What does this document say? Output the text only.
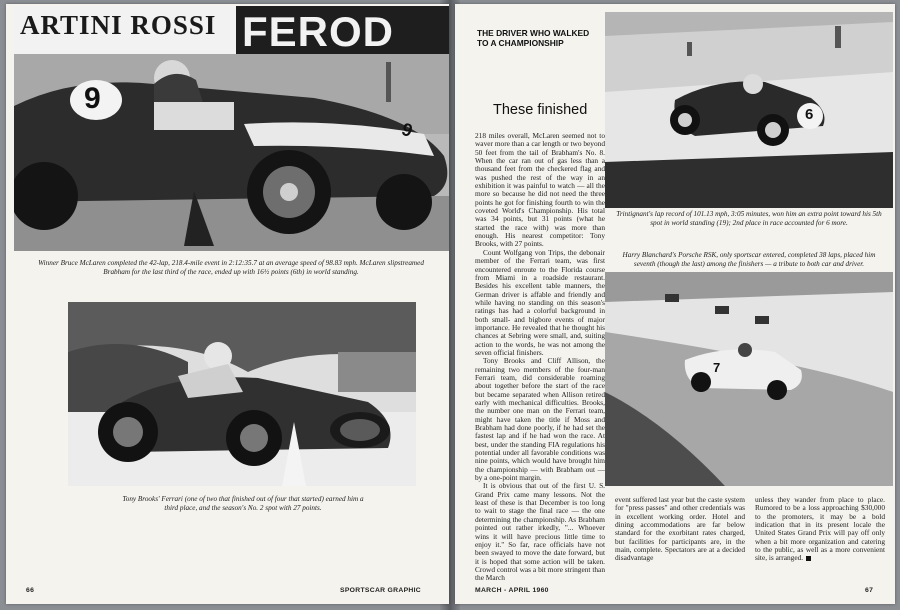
ARTINI ROSSI FEROD
9
9
Winner Bruce McLaren completed the 42-lap, 218.4-mile event in 2:12:35.7 at an average speed of 98.83 mph. McLaren slipstreamed Brabham for the last third of the race, ended up with 16½ points (6th) in world standing.
Tony Brooks' Ferrari (one of two that finished out of four that started) earned him a third place, and the season's No. 2 spot with 27 points.
66	SPORTSCAR GRAPHIC
THE DRIVER WHO WALKED TO A CHAMPIONSHIP
These finished

218 miles overall, McLaren seemed not to waver more than a car length or two beyond 50 feet from the tail of Brabham's No. 8. When the car ran out of gas less than a thousand feet from the checkered flag and was pushed the rest of the way in an exhibition it was painful to watch — all the more so because he did not need the three points he got for finishing fourth to win the coveted World's Championship. His total was 34 points, but 31 points (what he started the race with) was more than enough. His nearest competitor: Tony Brooks, with 27 points.

Count Wolfgang von Trips, the debonair member of the Ferrari team, was first encountered enroute to the Florida course from Miami in a roadside restaurant. Besides his excellent table manners, the German driver is affable and friendly and while having no standing on this season's ratings has had a colorful background in both small- and bigbore events of major importance. He revealed that he thought his chances at Sebring were small, and, suiting action to the words, he was not among the seven official finishers.

Tony Brooks and Cliff Allison, the remaining two members of the four-man Ferrari team, did considerable roaming about together before the start of the race but became separated when Allison retired early with mechanical difficulties. Brooks, the number one man on the Ferrari team, might have taken the title if Moss and Brabham had done poorly, if he had set the fastest lap and if he had won the race. At best, under the standing FIA regulations his potential under all favorable conditions was nine points, which would have brought him the championship — with Brabham out — by a one-point margin.

It is obvious that out of the first U. S. Grand Prix came many lessons. Not the least of these is that December is too long to wait to stage the final race — the one determining the championship. As Brabham pointed out rather irkedly, "... Whoever wins it will have precious little time to enjoy it." So far, race officials have not been swayed to move the date forward, but it is hoped that some action will be taken. Crowd control was a bit more stringent than the March

6
Trintignant's lap record of 101.13 mph, 3:05 minutes, won him an extra point toward his 5th spot in world standing (19); 2nd place in race accounted for 6 more.
Harry Blanchard's Porsche RSK, only sportscar entered, completed 38 laps, placed him seventh (though the last) among the finishers — a tribute to both car and driver.
7

event suffered last year but the caste system for "press passes" and other credentials was in excellent working order. Hotel and dining accommodations are far below standard for the exorbitant rates charged, but facilities for participants are, in the main, complete. Spectators are at a decided disadvantage

unless they wander from place to place. Rumored to be a loss approaching $30,000 to the promoters, it may be a bold indication that in its present locale the United States Grand Prix will pay off only when a bit more organization and catering to the public, as well as a more convenient site, is arranged.

MARCH - APRIL 1960	67
